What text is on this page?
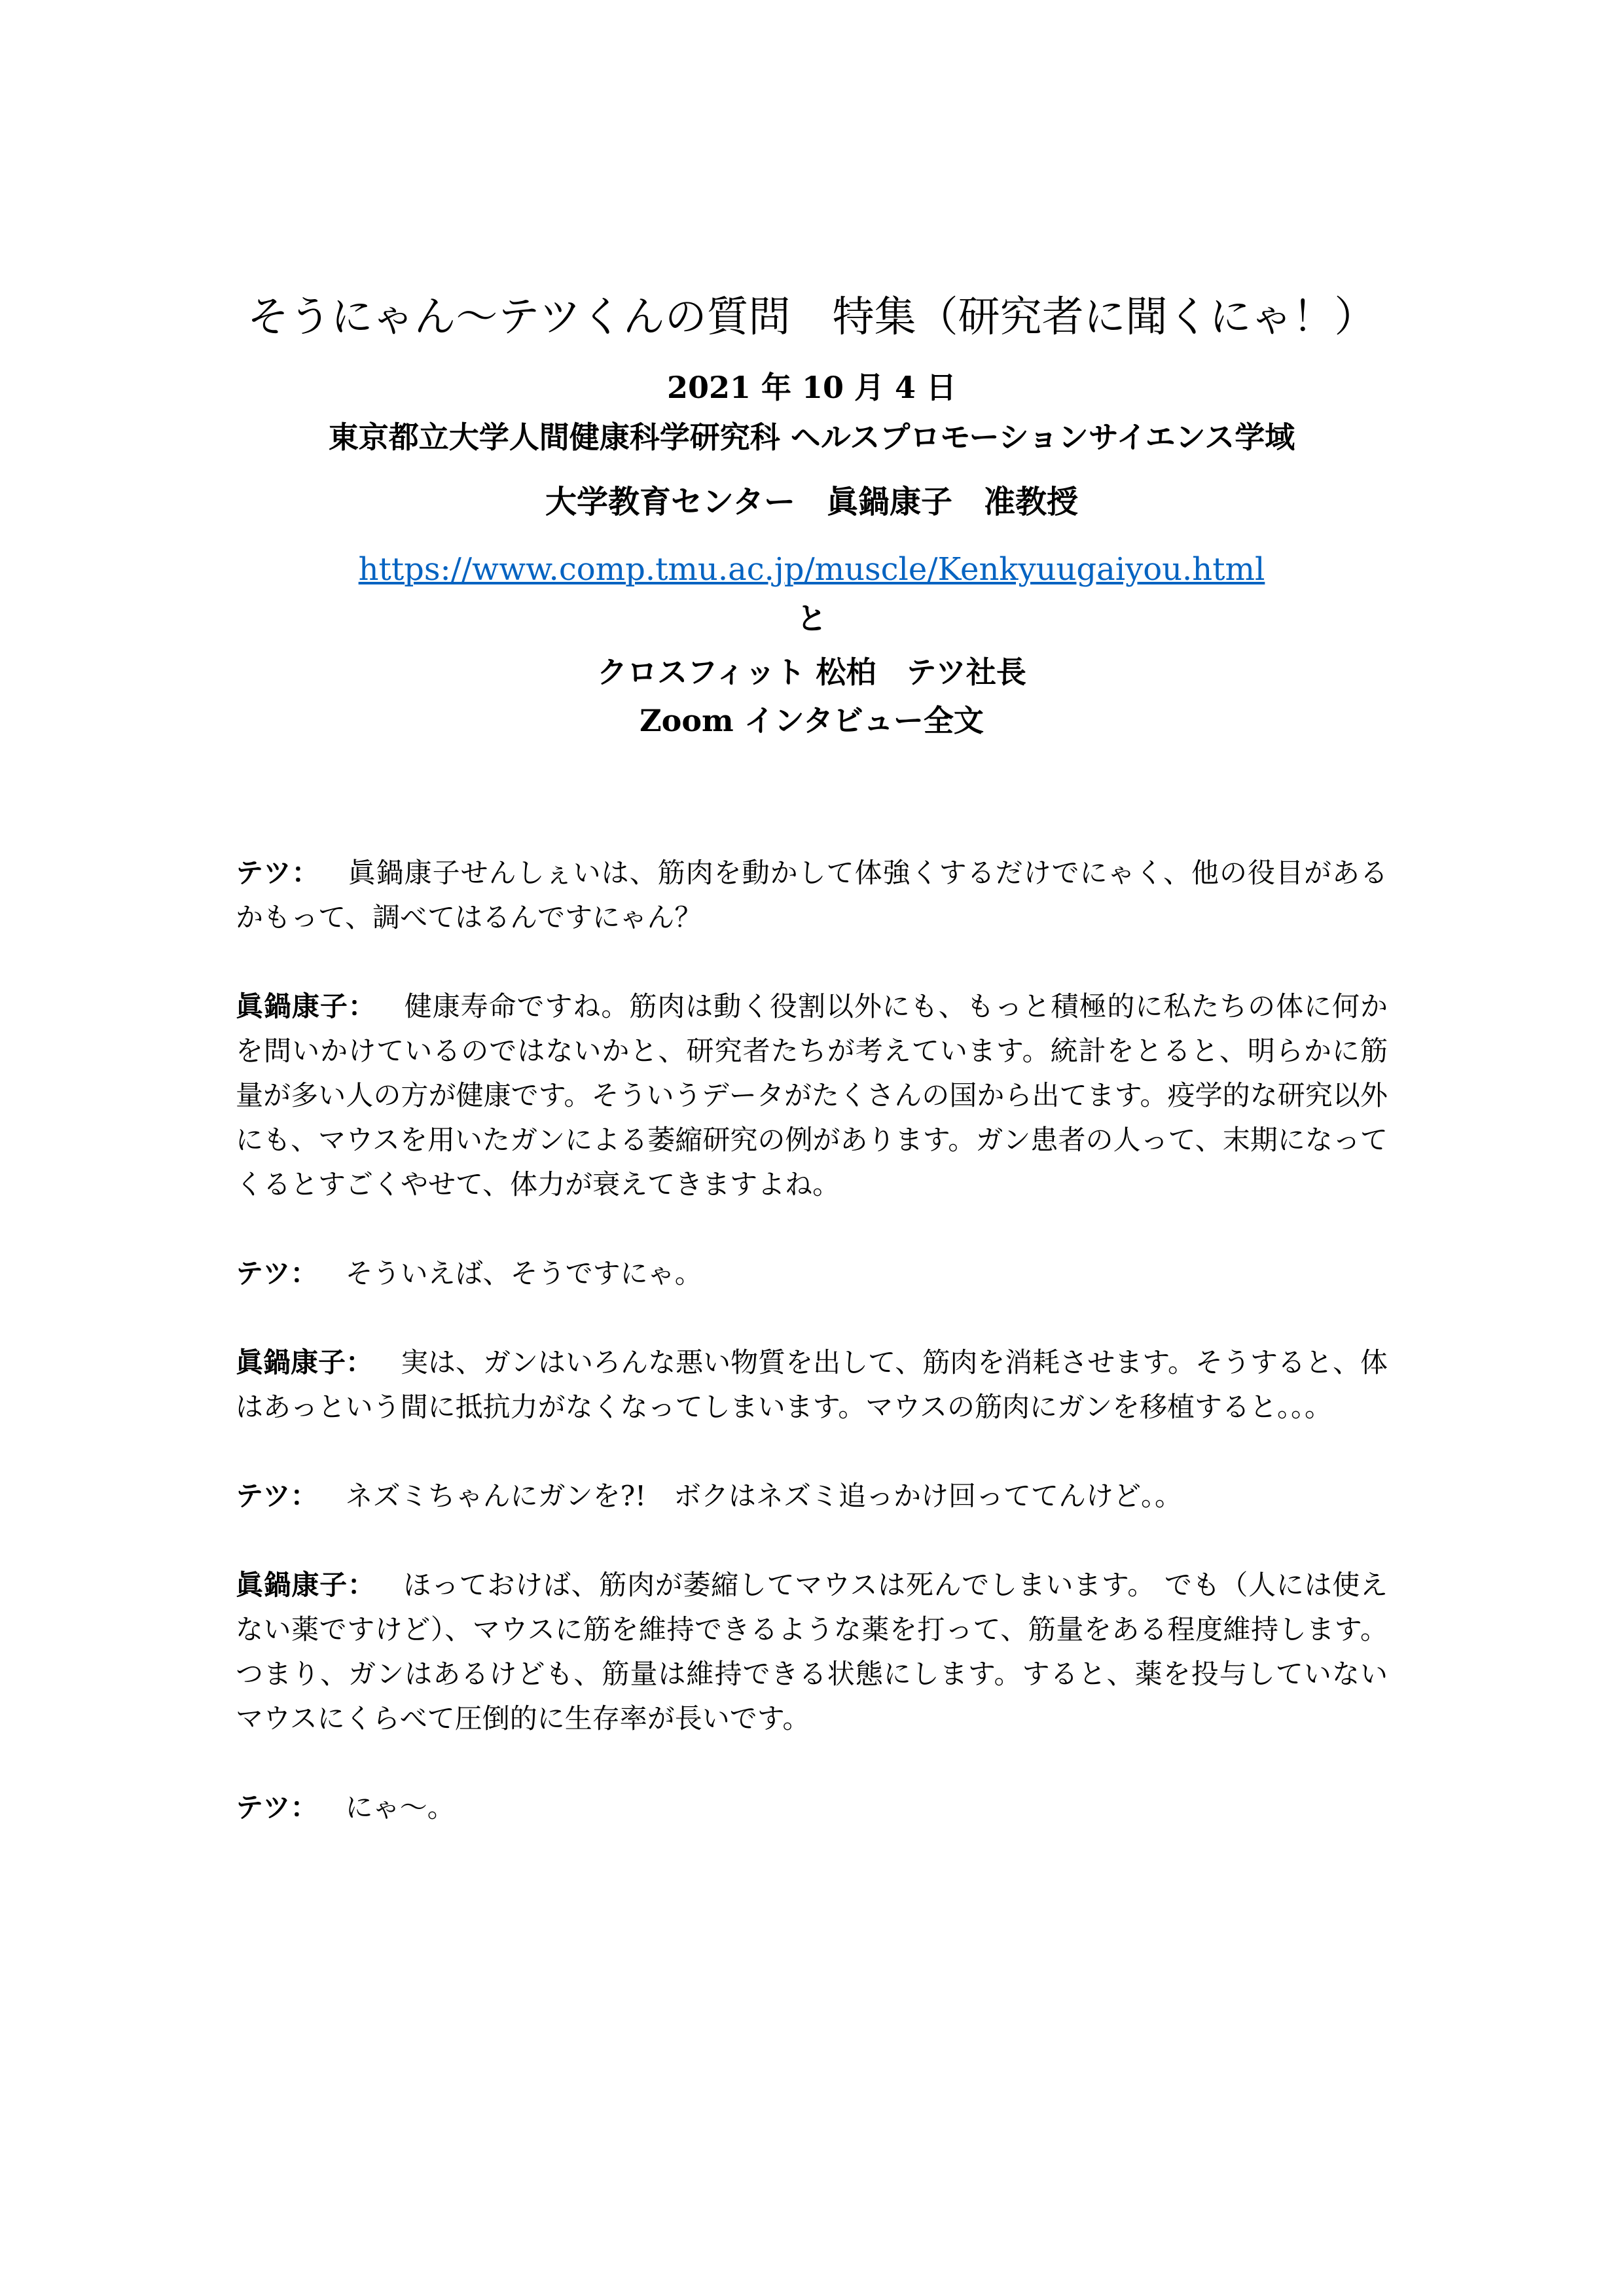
そうにゃん〜テツくんの質問　特集（研究者に聞くにゃ！）

2021 年 10 月 4 日

東京都立大学人間健康科学研究科 ヘルスプロモーションサイエンス学域

大学教育センター　眞鍋康子　准教授

https://www.comp.tmu.ac.jp/muscle/Kenkyuugaiyou.html

と

クロスフィット 松柏　テツ社長

Zoom インタビュー全文

テツ： 眞鍋康子せんしぇいは、筋肉を動かして体強くするだけでにゃく、他の役目があるかもって、調べてはるんですにゃん？

眞鍋康子： 健康寿命ですね。筋肉は動く役割以外にも、もっと積極的に私たちの体に何かを問いかけているのではないかと、研究者たちが考えています。統計をとると、明らかに筋量が多い人の方が健康です。そういうデータがたくさんの国から出てます。疫学的な研究以外にも、マウスを用いたガンによる萎縮研究の例があります。ガン患者の人って、末期になってくるとすごくやせて、体力が衰えてきますよね。

テツ： そういえば、そうですにゃ。

眞鍋康子： 実は、ガンはいろんな悪い物質を出して、筋肉を消耗させます。そうすると、体はあっという間に抵抗力がなくなってしまいます。マウスの筋肉にガンを移植すると。。。

テツ： ネズミちゃんにガンを?!　ボクはネズミ追っかけ回っててんけど。。

眞鍋康子： ほっておけば、筋肉が萎縮してマウスは死んでしまいます。 でも（人には使えない薬ですけど）、マウスに筋を維持できるような薬を打って、筋量をある程度維持します。つまり、ガンはあるけども、筋量は維持できる状態にします。すると、薬を投与していないマウスにくらべて圧倒的に生存率が長いです。

テツ： にゃ〜。
